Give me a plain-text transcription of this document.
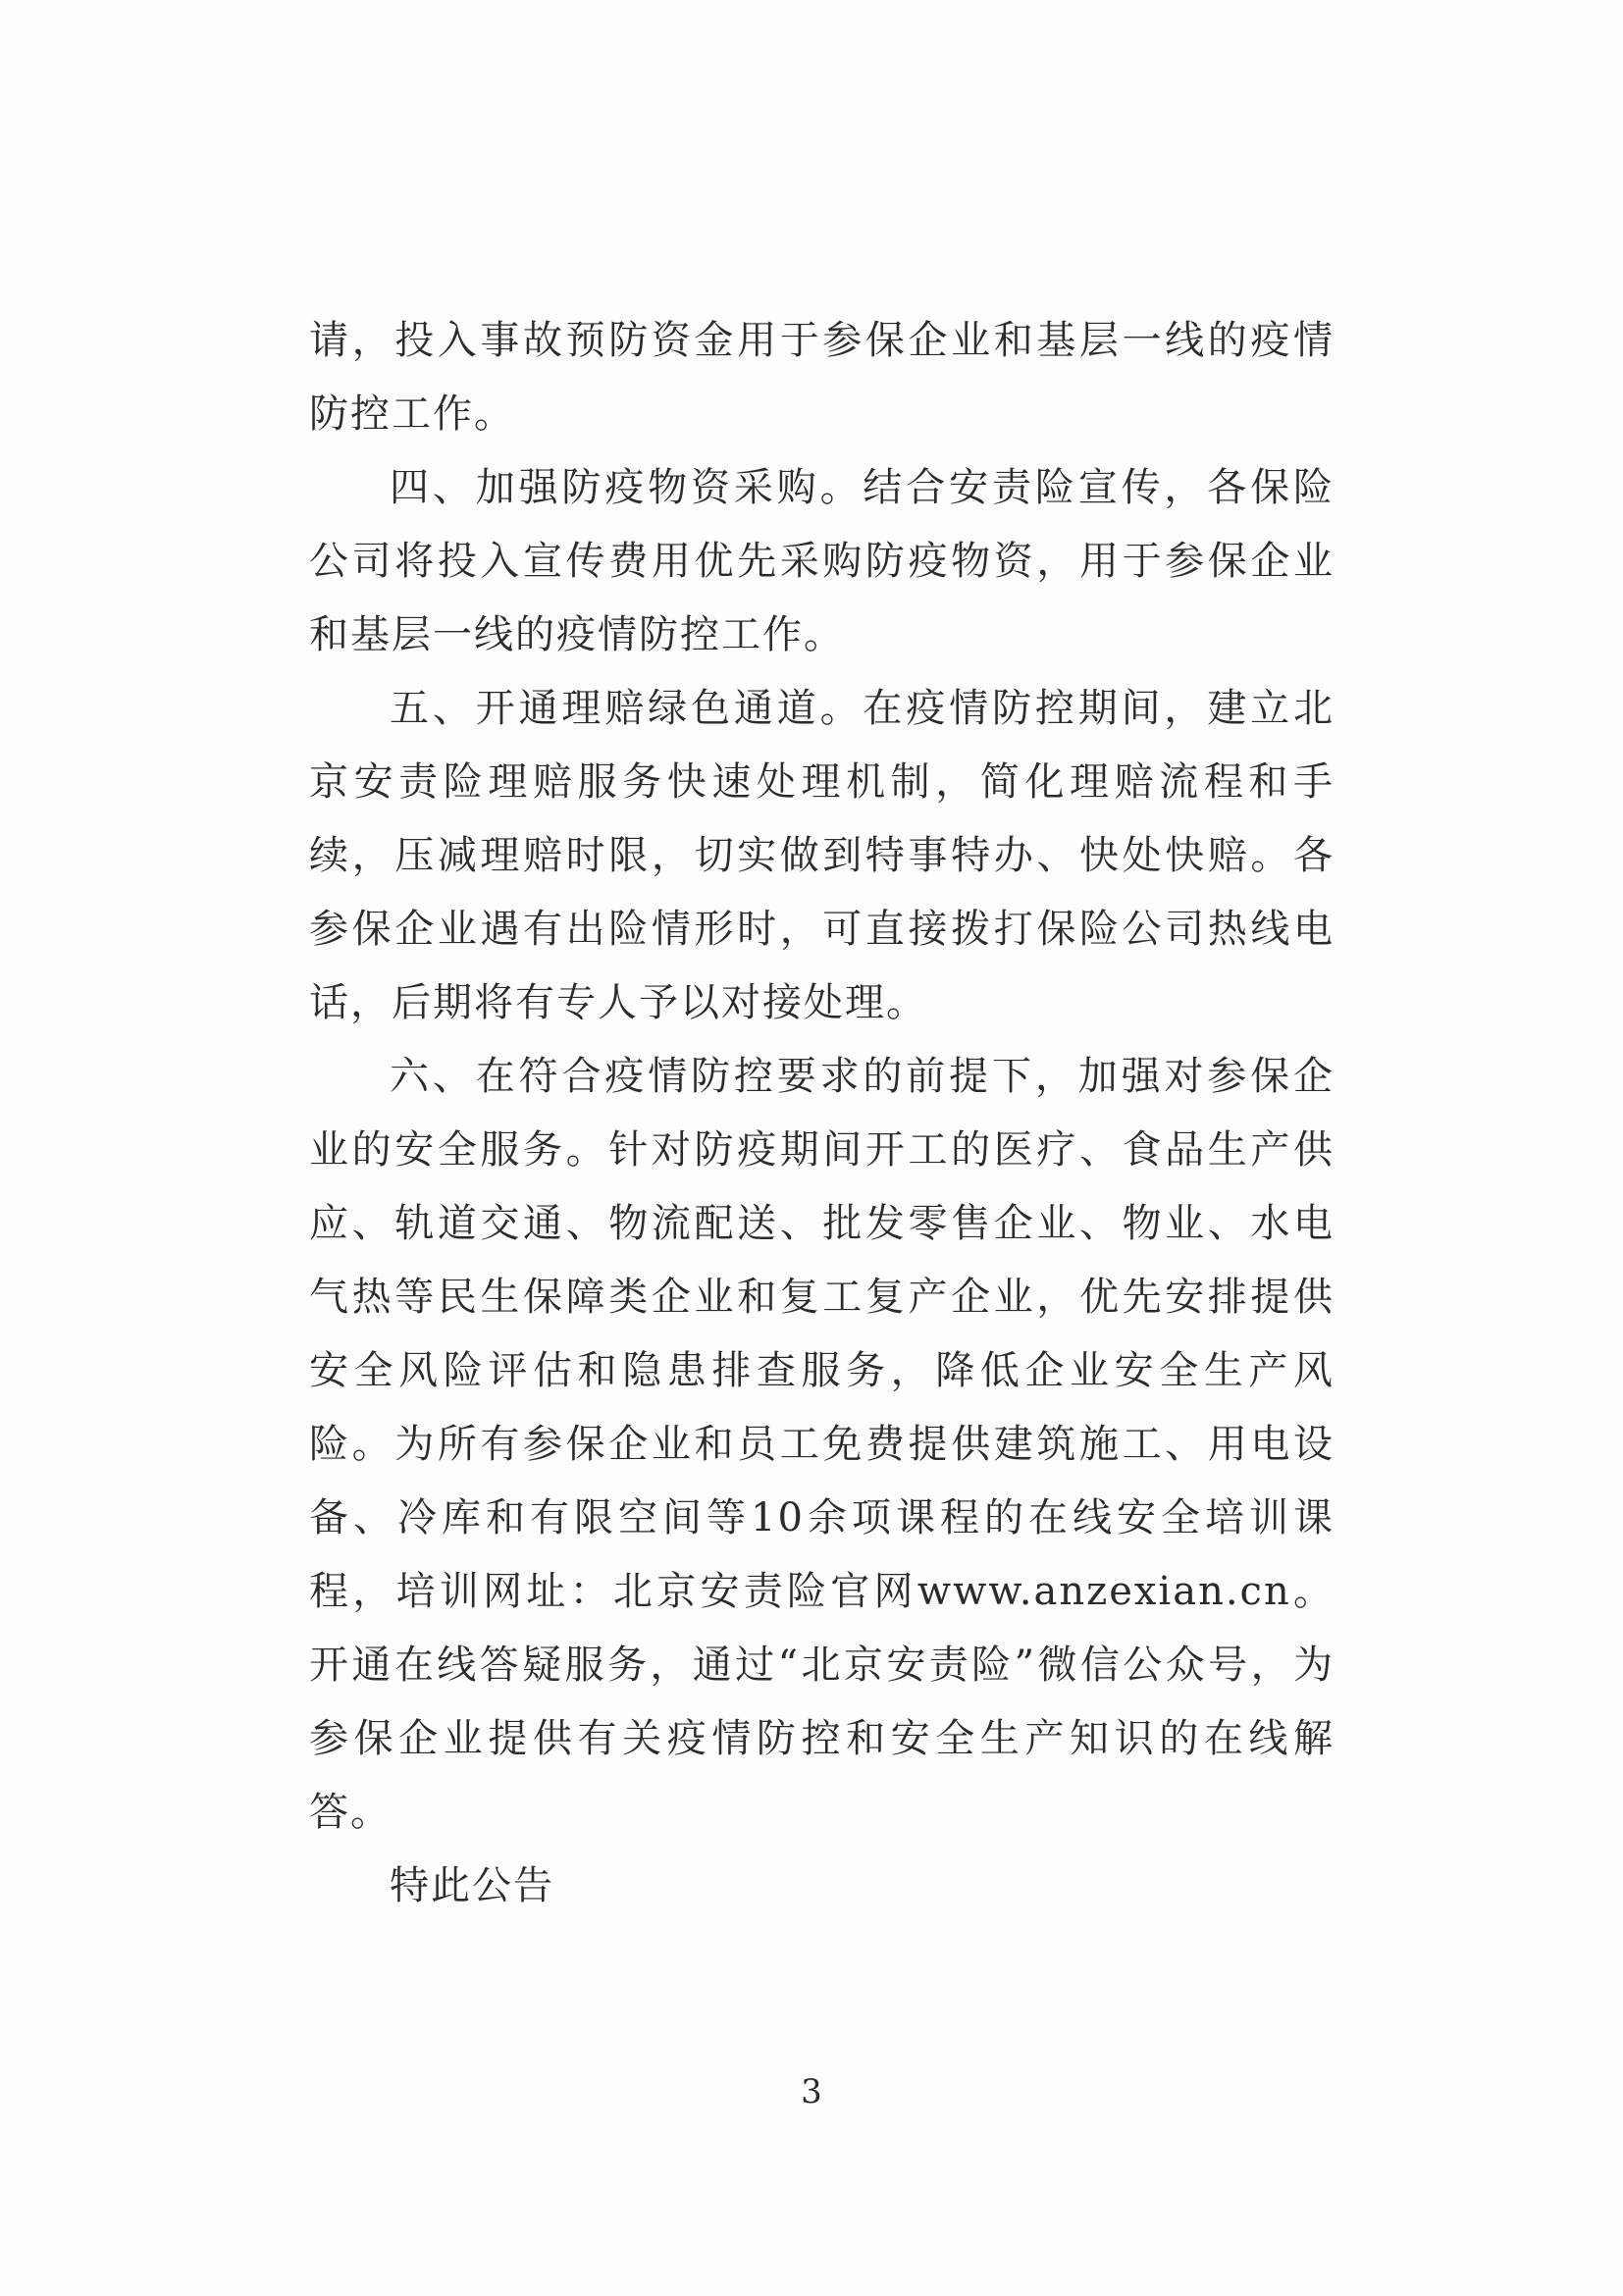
请，投入事故预防资金用于参保企业和基层一线的疫情防控工作。

四、加强防疫物资采购。结合安责险宣传，各保险公司将投入宣传费用优先采购防疫物资，用于参保企业和基层一线的疫情防控工作。

五、开通理赔绿色通道。在疫情防控期间，建立北京安责险理赔服务快速处理机制，简化理赔流程和手续，压减理赔时限，切实做到特事特办、快处快赔。各参保企业遇有出险情形时，可直接拨打保险公司热线电话，后期将有专人予以对接处理。

六、在符合疫情防控要求的前提下，加强对参保企业的安全服务。针对防疫期间开工的医疗、食品生产供应、轨道交通、物流配送、批发零售企业、物业、水电气热等民生保障类企业和复工复产企业，优先安排提供安全风险评估和隐患排查服务，降低企业安全生产风险。为所有参保企业和员工免费提供建筑施工、用电设备、冷库和有限空间等10余项课程的在线安全培训课程，培训网址：北京安责险官网www.anzexian.cn。开通在线答疑服务，通过“北京安责险”微信公众号，为参保企业提供有关疫情防控和安全生产知识的在线解答。

特此公告

3
